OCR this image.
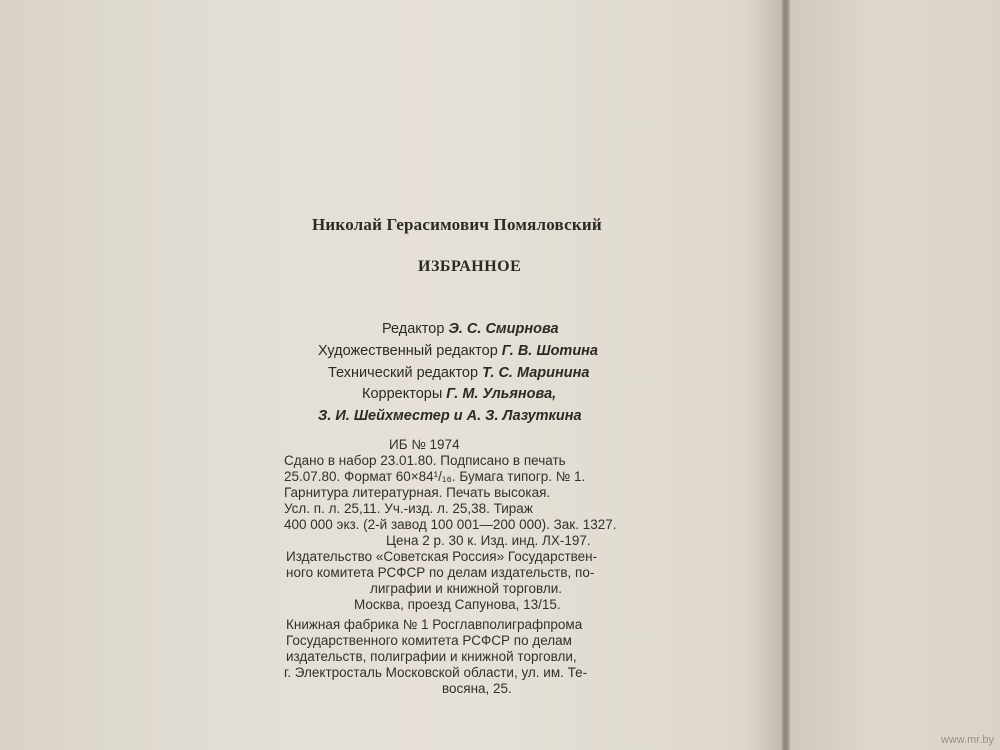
Николай Герасимович Помяловский
ИЗБРАННОЕ
Редактор Э. С. Смирнова
Художественный редактор Г. В. Шотина
Технический редактор Т. С. Маринина
Корректоры Г. М. Ульянова,
З. И. Шейхместер и А. З. Лазуткина
ИБ № 1974
Сдано в набор 23.01.80. Подписано в печать
25.07.80. Формат 60×84¹/₁₆. Бумага типогр. № 1.
Гарнитура литературная. Печать высокая.
Усл. п. л. 25,11. Уч.-изд. л. 25,38. Тираж
400 000 экз. (2-й завод 100 001—200 000). Зак. 1327.
Цена 2 р. 30 к. Изд. инд. ЛХ-197.
Издательство «Советская Россия» Государствен-
ного комитета РСФСР по делам издательств, по-
лиграфии и книжной торговли.
Москва, проезд Сапунова, 13/15.
Книжная фабрика № 1 Росглавполиграфпрома
Государственного комитета РСФСР по делам
издательств, полиграфии и книжной торговли,
г. Электросталь Московской области, ул. им. Те-
восяна, 25.
www.mr.by
